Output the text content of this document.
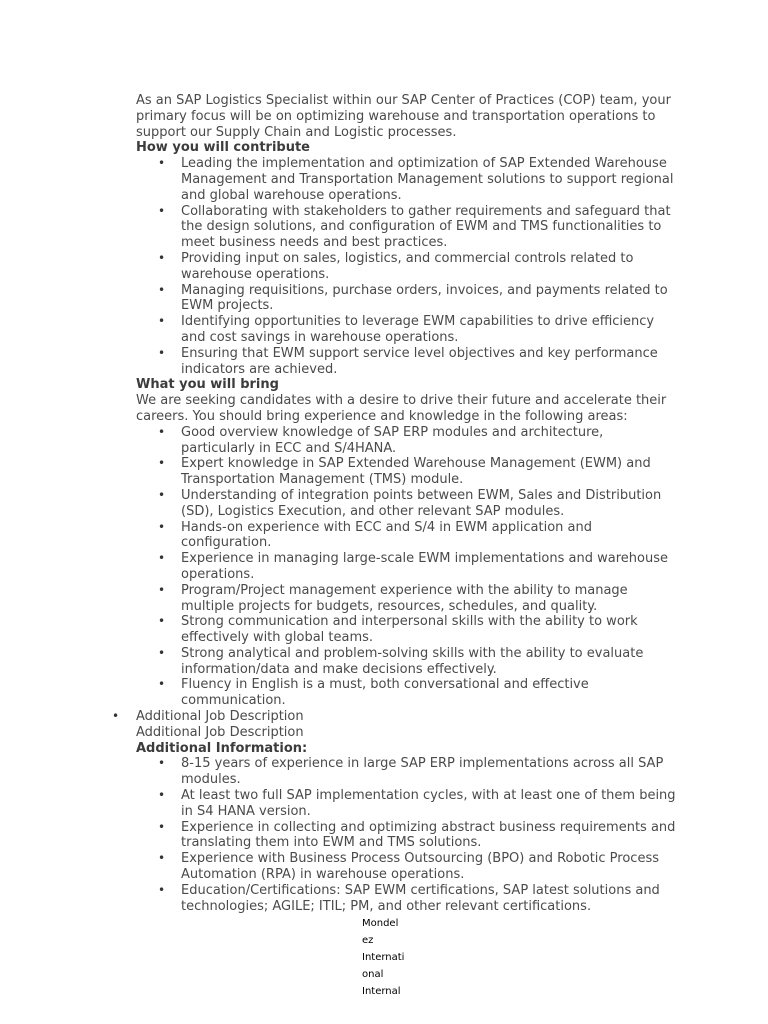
As an SAP Logistics Specialist within our SAP Center of Practices (COP) team, your primary focus will be on optimizing warehouse and transportation operations to support our Supply Chain and Logistic processes.

How you will contribute

• Leading the implementation and optimization of SAP Extended Warehouse Management and Transportation Management solutions to support regional and global warehouse operations.
• Collaborating with stakeholders to gather requirements and safeguard that the design solutions, and configuration of EWM and TMS functionalities to meet business needs and best practices.
• Providing input on sales, logistics, and commercial controls related to warehouse operations.
• Managing requisitions, purchase orders, invoices, and payments related to EWM projects.
• Identifying opportunities to leverage EWM capabilities to drive efficiency and cost savings in warehouse operations.
• Ensuring that EWM support service level objectives and key performance indicators are achieved.

What you will bring

We are seeking candidates with a desire to drive their future and accelerate their careers. You should bring experience and knowledge in the following areas:

• Good overview knowledge of SAP ERP modules and architecture, particularly in ECC and S/4HANA.
• Expert knowledge in SAP Extended Warehouse Management (EWM) and Transportation Management (TMS) module.
• Understanding of integration points between EWM, Sales and Distribution (SD), Logistics Execution, and other relevant SAP modules.
• Hands-on experience with ECC and S/4 in EWM application and configuration.
• Experience in managing large-scale EWM implementations and warehouse operations.
• Program/Project management experience with the ability to manage multiple projects for budgets, resources, schedules, and quality.
• Strong communication and interpersonal skills with the ability to work effectively with global teams.
• Strong analytical and problem-solving skills with the ability to evaluate information/data and make decisions effectively.
• Fluency in English is a must, both conversational and effective communication.
• Additional Job Description

Additional Job Description

Additional Information:

• 8-15 years of experience in large SAP ERP implementations across all SAP modules.
• At least two full SAP implementation cycles, with at least one of them being in S4 HANA version.
• Experience in collecting and optimizing abstract business requirements and translating them into EWM and TMS solutions.
• Experience with Business Process Outsourcing (BPO) and Robotic Process Automation (RPA) in warehouse operations.
• Education/Certifications: SAP EWM certifications, SAP latest solutions and technologies; AGILE; ITIL; PM, and other relevant certifications.
Mondel
ez
Internati
onal
Internal
